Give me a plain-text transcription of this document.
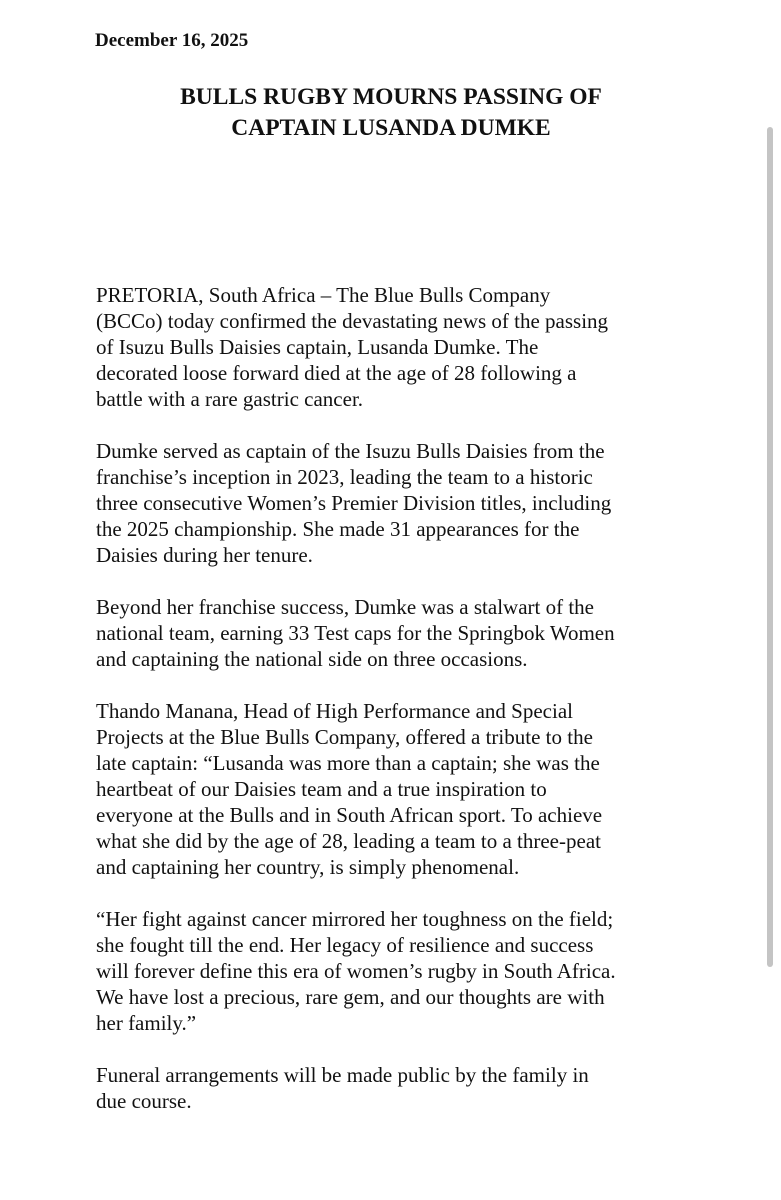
December 16, 2025

BULLS RUGBY MOURNS PASSING OF
CAPTAIN LUSANDA DUMKE

PRETORIA, South Africa – The Blue Bulls Company
(BCCo) today confirmed the devastating news of the passing
of Isuzu Bulls Daisies captain, Lusanda Dumke. The
decorated loose forward died at the age of 28 following a
battle with a rare gastric cancer.

Dumke served as captain of the Isuzu Bulls Daisies from the
franchise’s inception in 2023, leading the team to a historic
three consecutive Women’s Premier Division titles, including
the 2025 championship. She made 31 appearances for the
Daisies during her tenure.

Beyond her franchise success, Dumke was a stalwart of the
national team, earning 33 Test caps for the Springbok Women
and captaining the national side on three occasions.

Thando Manana, Head of High Performance and Special
Projects at the Blue Bulls Company, offered a tribute to the
late captain: “Lusanda was more than a captain; she was the
heartbeat of our Daisies team and a true inspiration to
everyone at the Bulls and in South African sport. To achieve
what she did by the age of 28, leading a team to a three-peat
and captaining her country, is simply phenomenal.

“Her fight against cancer mirrored her toughness on the field;
she fought till the end. Her legacy of resilience and success
will forever define this era of women’s rugby in South Africa.
We have lost a precious, rare gem, and our thoughts are with
her family.”

Funeral arrangements will be made public by the family in
due course.
